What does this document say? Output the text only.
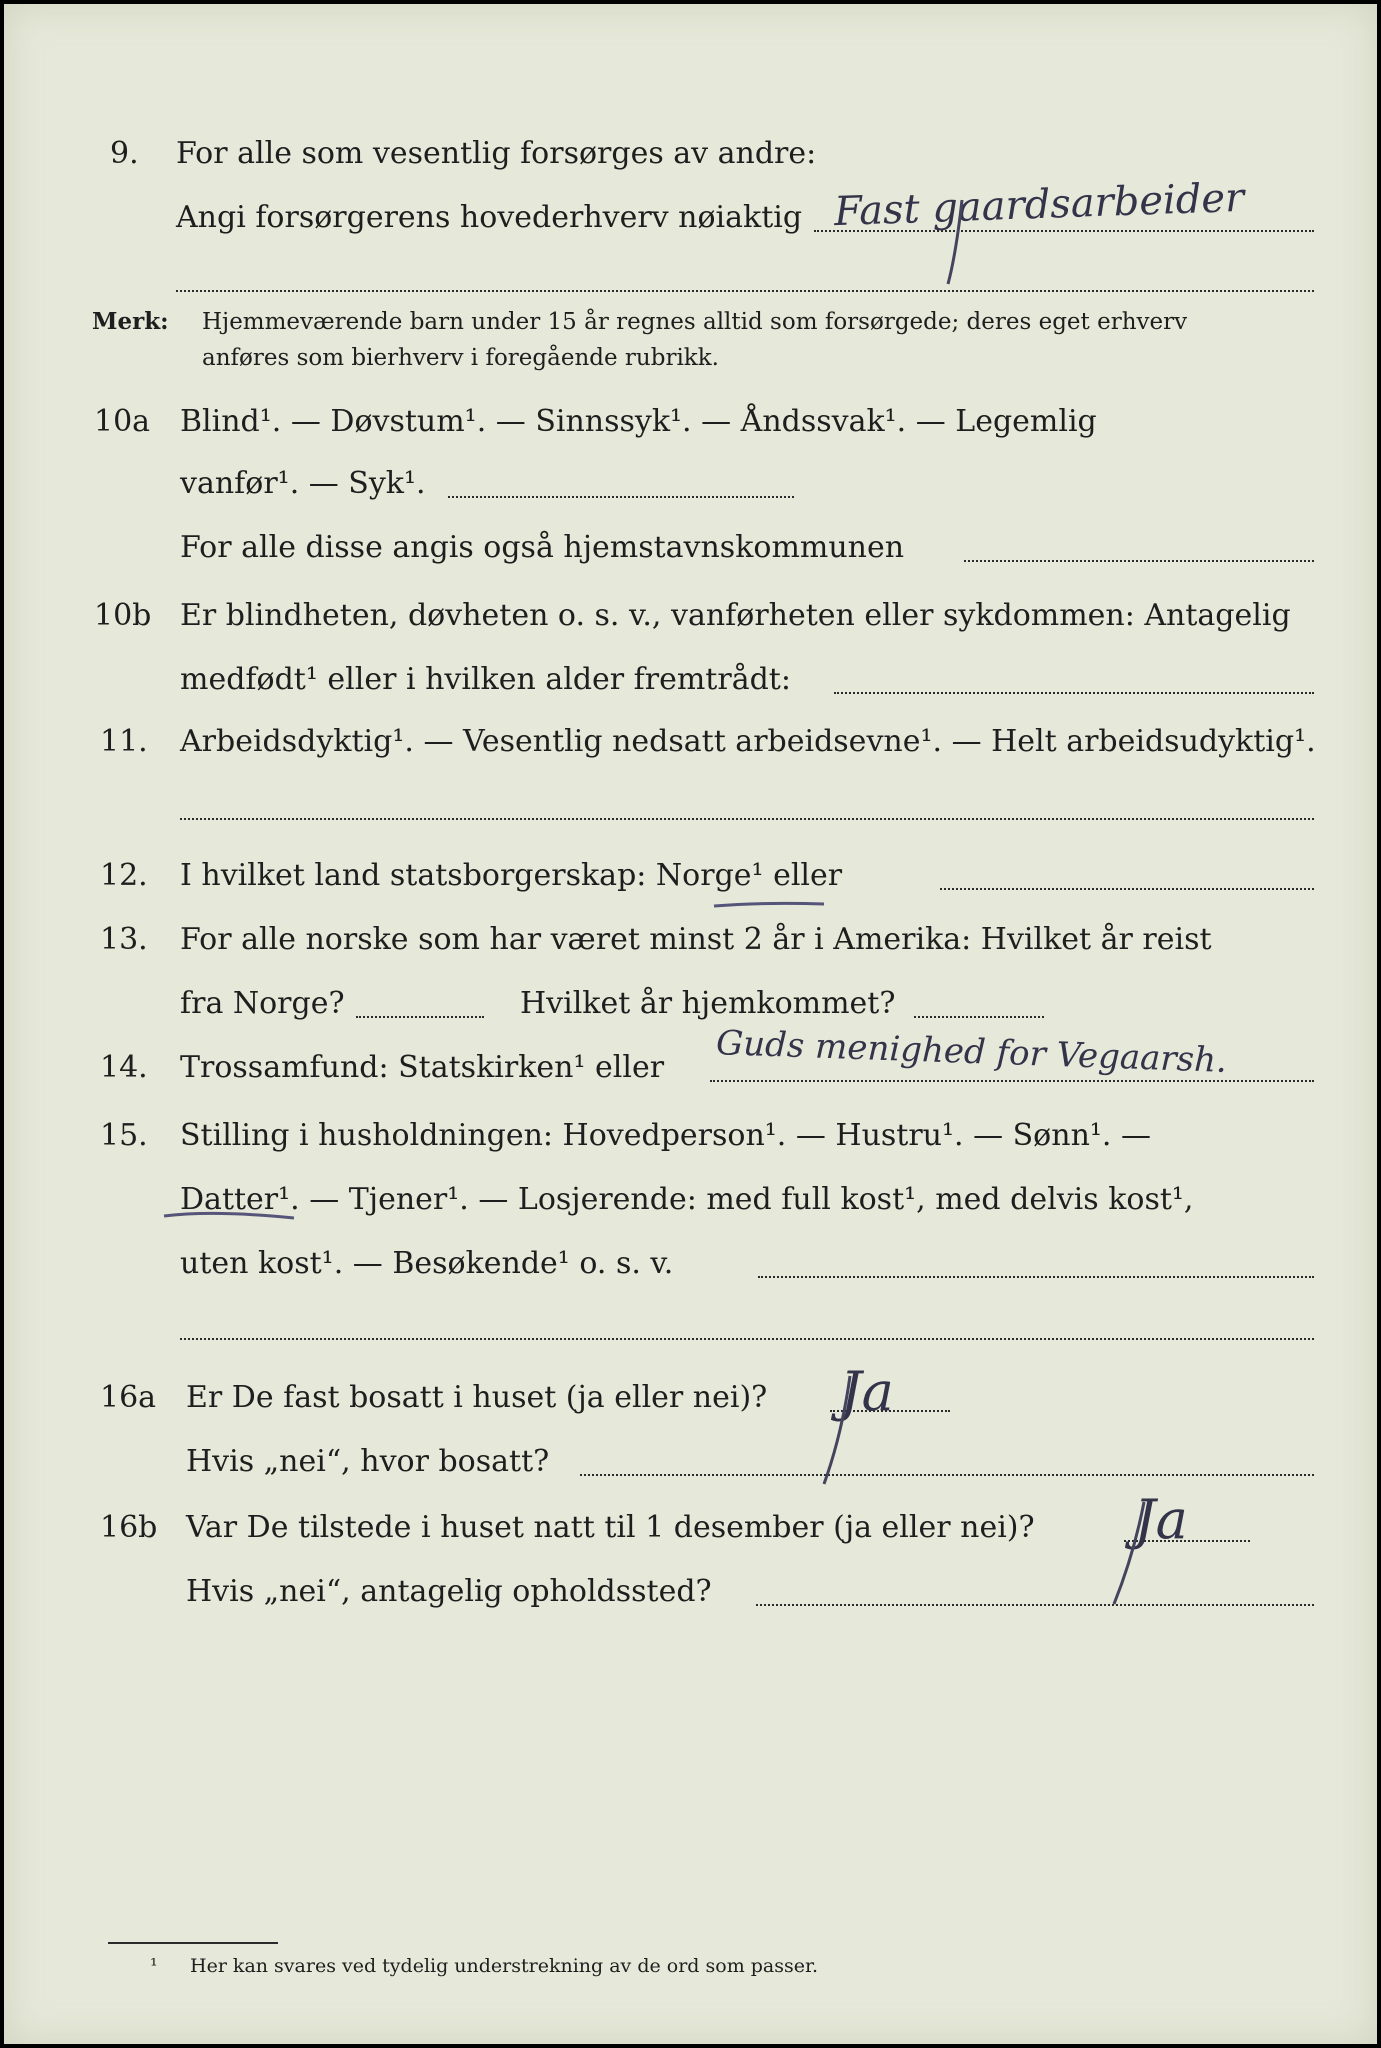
9. For alle som vesentlig forsørges av andre:
Angi forsørgerens hovederhverv nøiaktig Fast gaardsarbeider
Merk: Hjemmeværende barn under 15 år regnes alltid som forsørgede; deres eget erhverv
anføres som bierhverv i foregående rubrikk.
10a Blind¹. — Døvstum¹. — Sinnssyk¹. — Åndssvak¹. — Legemlig
vanfør¹. — Syk¹.
For alle disse angis også hjemstavnskommunen
10b Er blindheten, døvheten o. s. v., vanførheten eller sykdommen: Antagelig
medfødt¹ eller i hvilken alder fremtrådt:
11. Arbeidsdyktig¹. — Vesentlig nedsatt arbeidsevne¹. — Helt arbeidsudyktig¹.
12. I hvilket land statsborgerskap: Norge¹ eller
13. For alle norske som har været minst 2 år i Amerika: Hvilket år reist
fra Norge?	Hvilket år hjemkommet?
14. Trossamfund: Statskirken¹ eller Guds menighed for Vegaarsh.
15. Stilling i husholdningen: Hovedperson¹. — Hustru¹. — Sønn¹. —
Datter¹. — Tjener¹. — Losjerende: med full kost¹, med delvis kost¹,
uten kost¹. — Besøkende¹ o. s. v.
16a Er De fast bosatt i huset (ja eller nei)? Ja
Hvis „nei“, hvor bosatt?
16b Var De tilstede i huset natt til 1 desember (ja eller nei)? Ja
Hvis „nei“, antagelig opholdssted?
¹ Her kan svares ved tydelig understrekning av de ord som passer.
